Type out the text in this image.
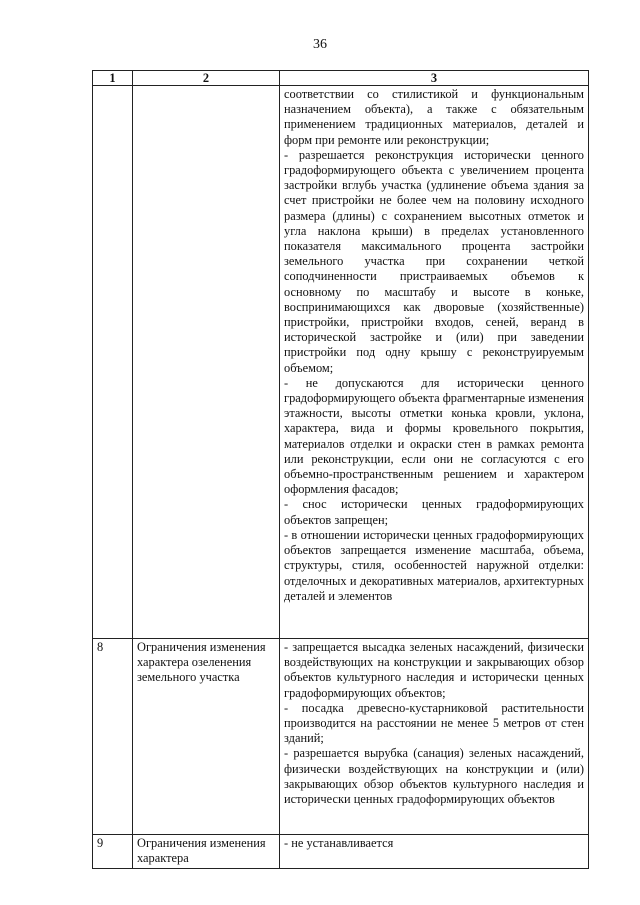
36
1	2	3

		соответствии со стилистикой и функциональным назначением объекта), а также с обязательным применением традиционных материалов, деталей и форм при ремонте или реконструкции;
- разрешается реконструкция исторически ценного градоформирующего объекта с увеличением процента застройки вглубь участка (удлинение объема здания за счет пристройки не более чем на половину исходного размера (длины) с сохранением высотных отметок и угла наклона крыши) в пределах установленного показателя максимального процента застройки земельного участка при сохранении четкой соподчиненности пристраиваемых объемов к основному по масштабу и высоте в коньке, воспринимающихся как дворовые (хозяйственные) пристройки, пристройки входов, сеней, веранд в исторической застройке и (или) при заведении пристройки под одну крышу с реконструируемым объемом;
- не допускаются для исторически ценного градоформирующего объекта фрагментарные изменения этажности, высоты отметки конька кровли, уклона, характера, вида и формы кровельного покрытия, материалов отделки и окраски стен в рамках ремонта или реконструкции, если они не согласуются с его объемно-пространственным решением и характером оформления фасадов;
- снос исторически ценных градоформирующих объектов запрещен;
- в отношении исторически ценных градоформирующих объектов запрещается изменение масштаба, объема, структуры, стиля, особенностей наружной отделки: отделочных и декоративных материалов, архитектурных деталей и элементов

8	Ограничения изменения характера озеленения земельного участка	- запрещается высадка зеленых насаждений, физически воздействующих на конструкции и закрывающих обзор объектов культурного наследия и исторически ценных градоформирующих объектов;
- посадка древесно-кустарниковой растительности производится на расстоянии не менее 5 метров от стен зданий;
- разрешается вырубка (санация) зеленых насаждений, физически воздействующих на конструкции и (или) закрывающих обзор объектов культурного наследия и исторически ценных градоформирующих объектов

9	Ограничения изменения характера	- не устанавливается
